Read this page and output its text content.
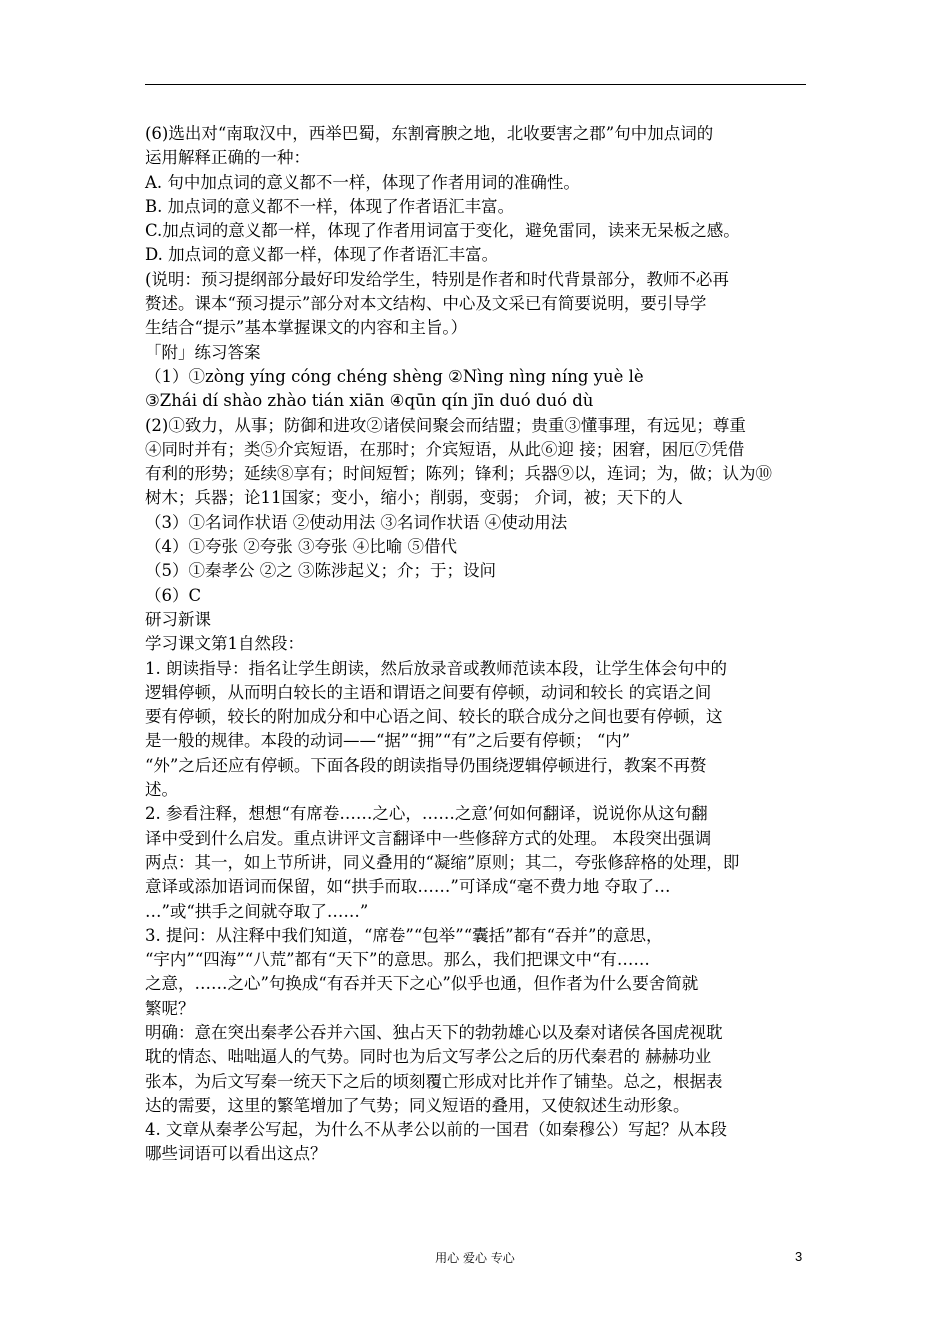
(6)选出对“南取汉中，西举巴蜀，东割膏腴之地，北收要害之郡”句中加点词的
运用解释正确的一种：
A. 句中加点词的意义都不一样，体现了作者用词的准确性。
B. 加点词的意义都不一样，体现了作者语汇丰富。
C.加点词的意义都一样，体现了作者用词富于变化，避免雷同，读来无呆板之感。
D. 加点词的意义都一样，体现了作者语汇丰富。
(说明：预习提纲部分最好印发给学生，特别是作者和时代背景部分，教师不必再
赘述。课本“预习提示”部分对本文结构、中心及文采已有简要说明，要引导学
生结合“提示”基本掌握课文的内容和主旨。）
「附」练习答案
（1）①zòng yíng cóng chéng shèng ②Nìng nìng níng yuè lè
③Zhái dí shào zhào tián xiān ④qūn qín jīn duó duó dù
(2)①致力，从事；防御和进攻②诸侯间聚会而结盟；贵重③懂事理，有远见；尊重
④同时并有；类⑤介宾短语，在那时；介宾短语，从此⑥迎 接；困窘，困厄⑦凭借
有利的形势；延续⑧享有；时间短暂；陈列；锋利；兵器⑨以，连词；为，做；认为⑩
树木；兵器；论11国家；变小，缩小；削弱，变弱； 介词，被；天下的人
（3）①名词作状语 ②使动用法 ③名词作状语 ④使动用法
（4）①夸张 ②夸张 ③夸张 ④比喻 ⑤借代
（5）①秦孝公 ②之 ③陈涉起义；介；于；设问
（6）C
研习新课
学习课文第1自然段：
1. 朗读指导：指名让学生朗读，然后放录音或教师范读本段，让学生体会句中的
逻辑停顿，从而明白较长的主语和谓语之间要有停顿，动词和较长 的宾语之间
要有停顿，较长的附加成分和中心语之间、较长的联合成分之间也要有停顿，这
是一般的规律。本段的动词——“据”“拥”“有”之后要有停顿； “内”
“外”之后还应有停顿。下面各段的朗读指导仍围绕逻辑停顿进行，教案不再赘
述。
2. 参看注释，想想“有席卷……之心，……之意’何如何翻译，说说你从这句翻
译中受到什么启发。重点讲评文言翻译中一些修辞方式的处理。 本段突出强调
两点：其一，如上节所讲，同义叠用的“凝缩”原则；其二，夸张修辞格的处理，即
意译或添加语词而保留，如“拱手而取……”可译成“毫不费力地 夺取了…
…”或“拱手之间就夺取了……”
3. 提问：从注释中我们知道，“席卷”“包举”“囊括”都有“吞并”的意思，
“宇内”“四海”“八荒”都有“天下”的意思。那么，我们把课文中“有……
之意，……之心”句换成“有吞并天下之心”似乎也通，但作者为什么要舍简就
繁呢？
明确：意在突出秦孝公吞并六国、独占天下的勃勃雄心以及秦对诸侯各国虎视耽
耽的情态、咄咄逼人的气势。同时也为后文写孝公之后的历代秦君的 赫赫功业
张本，为后文写秦一统天下之后的顷刻覆亡形成对比并作了铺垫。总之，根据表
达的需要，这里的繁笔增加了气势；同义短语的叠用，又使叙述生动形象。
4. 文章从秦孝公写起，为什么不从孝公以前的一国君（如秦穆公）写起？从本段
哪些词语可以看出这点？
用心 爱心 专心	3
